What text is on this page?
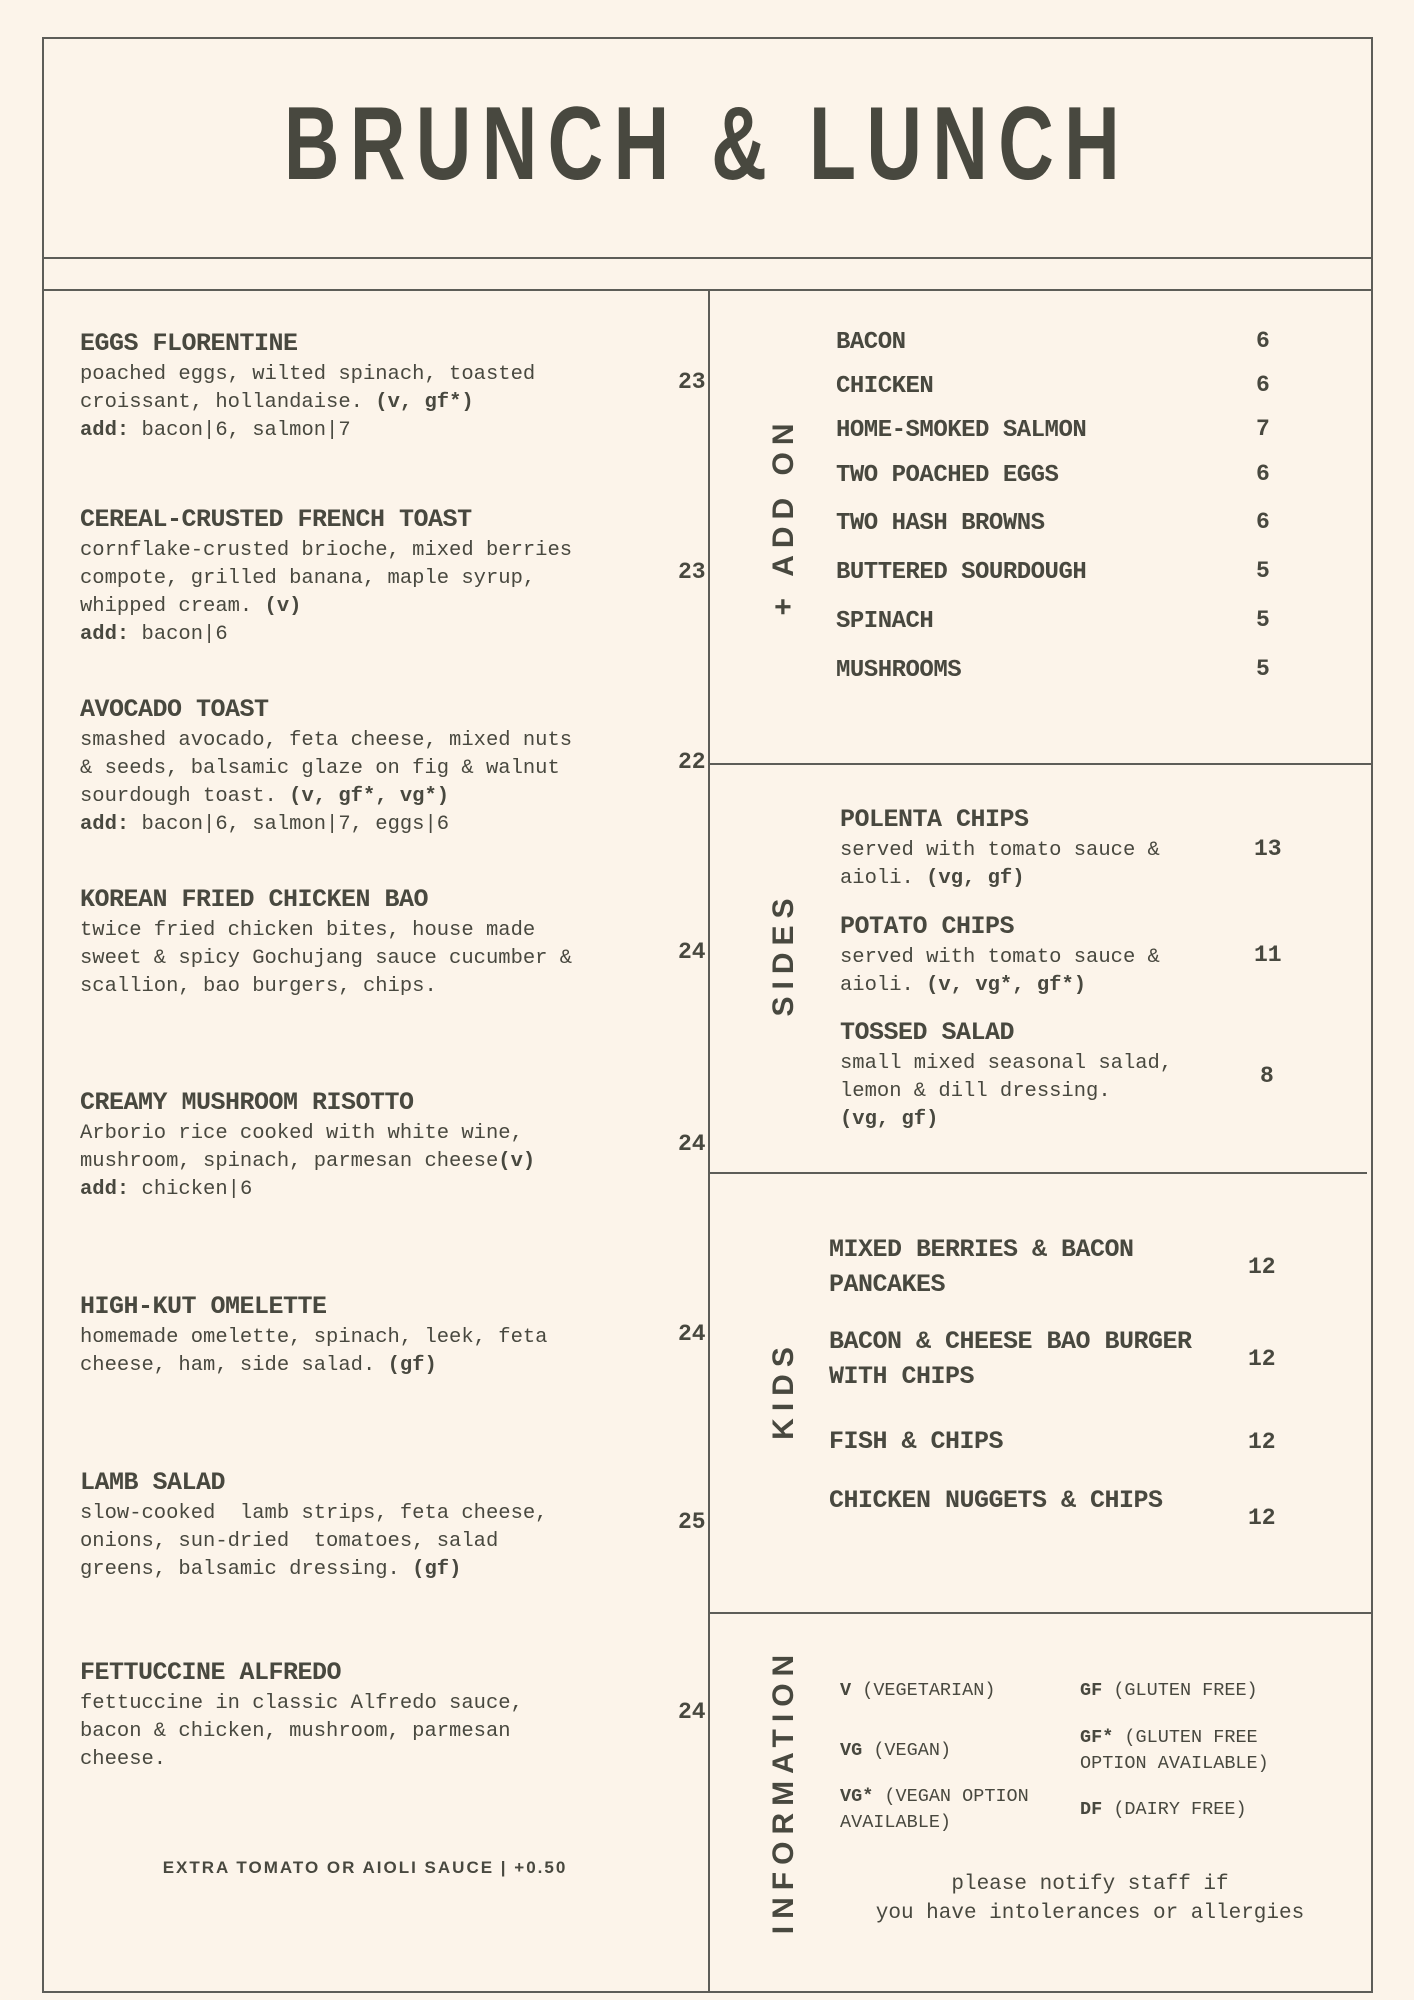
BRUNCH & LUNCH
EGGS FLORENTINE
poached eggs, wilted spinach, toasted croissant, hollandaise. (v, gf*)
add: bacon|6, salmon|7
23
CEREAL-CRUSTED FRENCH TOAST
cornflake-crusted brioche, mixed berries compote, grilled banana, maple syrup, whipped cream. (v)
add: bacon|6
23
AVOCADO TOAST
smashed avocado, feta cheese, mixed nuts & seeds, balsamic glaze on fig & walnut sourdough toast. (v, gf*, vg*)
add: bacon|6, salmon|7, eggs|6
22
KOREAN FRIED CHICKEN BAO
twice fried chicken bites, house made sweet & spicy Gochujang sauce cucumber & scallion, bao burgers, chips.
24
CREAMY MUSHROOM RISOTTO
Arborio rice cooked with white wine, mushroom, spinach, parmesan cheese(v)
add: chicken|6
24
HIGH-KUT OMELETTE
homemade omelette, spinach, leek, feta cheese, ham, side salad. (gf)
24
LAMB SALAD
slow-cooked  lamb strips, feta cheese, onions, sun-dried  tomatoes, salad greens, balsamic dressing. (gf)
25
FETTUCCINE ALFREDO
fettuccine in classic Alfredo sauce, bacon & chicken, mushroom, parmesan cheese.
24
EXTRA TOMATO OR AIOLI SAUCE | +0.50
+ ADD ON
BACON	6
CHICKEN	6
HOME-SMOKED SALMON	7
TWO POACHED EGGS	6
TWO HASH BROWNS	6
BUTTERED SOURDOUGH	5
SPINACH	5
MUSHROOMS	5
SIDES
POLENTA CHIPS
served with tomato sauce & aioli. (vg, gf)
13
POTATO CHIPS
served with tomato sauce & aioli. (v, vg*, gf*)
11
TOSSED SALAD
small mixed seasonal salad, lemon & dill dressing.
(vg, gf)
8
KIDS
MIXED BERRIES & BACON PANCAKES
12
BACON & CHEESE BAO BURGER WITH CHIPS
12
FISH & CHIPS	12
CHICKEN NUGGETS & CHIPS
12
INFORMATION V (VEGETARIAN)
VG (VEGAN)
VG* (VEGAN OPTION AVAILABLE)
GF (GLUTEN FREE)
GF* (GLUTEN FREE OPTION AVAILABLE)
DF (DAIRY FREE)
please notify staff if
you have intolerances or allergies
